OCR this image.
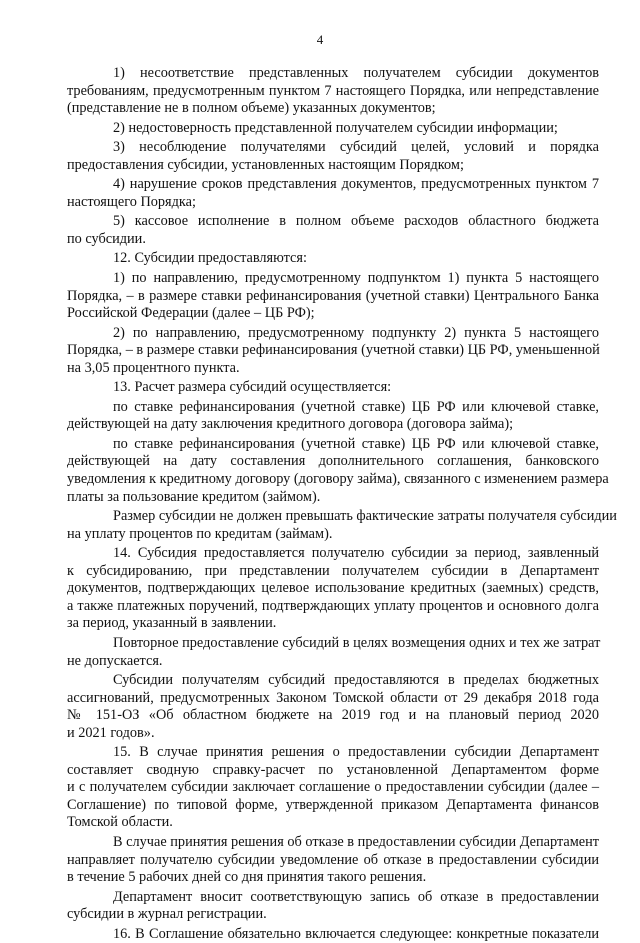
4
1) несоответствие представленных получателем субсидии документов
требованиям, предусмотренным пунктом 7 настоящего Порядка, или непредставление
(представление не в полном объеме) указанных документов;
2) недостоверность представленной получателем субсидии информации;
3) несоблюдение получателями субсидий целей, условий и порядка
предоставления субсидии, установленных настоящим Порядком;
4) нарушение сроков представления документов, предусмотренных пунктом 7
настоящего Порядка;
5) кассовое исполнение в полном объеме расходов областного бюджета
по субсидии.
12. Субсидии предоставляются:
1) по направлению, предусмотренному подпунктом 1) пункта 5 настоящего
Порядка, – в размере ставки рефинансирования (учетной ставки) Центрального Банка
Российской Федерации (далее – ЦБ РФ);
2) по направлению, предусмотренному подпункту 2) пункта 5 настоящего
Порядка, – в размере ставки рефинансирования (учетной ставки) ЦБ РФ, уменьшенной
на 3,05 процентного пункта.
13. Расчет размера субсидий осуществляется:
по ставке рефинансирования (учетной ставке) ЦБ РФ или ключевой ставке,
действующей на дату заключения кредитного договора (договора займа);
по ставке рефинансирования (учетной ставке) ЦБ РФ или ключевой ставке,
действующей на дату составления дополнительного соглашения, банковского
уведомления к кредитному договору (договору займа), связанного с изменением размера
платы за пользование кредитом (займом).
Размер субсидии не должен превышать фактические затраты получателя субсидии
на уплату процентов по кредитам (займам).
14. Субсидия предоставляется получателю субсидии за период, заявленный
к субсидированию, при представлении получателем субсидии в Департамент
документов, подтверждающих целевое использование кредитных (заемных) средств,
а также платежных поручений, подтверждающих уплату процентов и основного долга
за период, указанный в заявлении.
Повторное предоставление субсидий в целях возмещения одних и тех же затрат
не допускается.
Субсидии получателям субсидий предоставляются в пределах бюджетных
ассигнований, предусмотренных Законом Томской области от 29 декабря 2018 года
№ 151-ОЗ «Об областном бюджете на 2019 год и на плановый период 2020
и 2021 годов».
15. В случае принятия решения о предоставлении субсидии Департамент
составляет сводную справку-расчет по установленной Департаментом форме
и с получателем субсидии заключает соглашение о предоставлении субсидии (далее –
Соглашение) по типовой форме, утвержденной приказом Департамента финансов
Томской области.
В случае принятия решения об отказе в предоставлении субсидии Департамент
направляет получателю субсидии уведомление об отказе в предоставлении субсидии
в течение 5 рабочих дней со дня принятия такого решения.
Департамент вносит соответствующую запись об отказе в предоставлении
субсидии в журнал регистрации.
16. В Соглашение обязательно включается следующее: конкретные показатели
